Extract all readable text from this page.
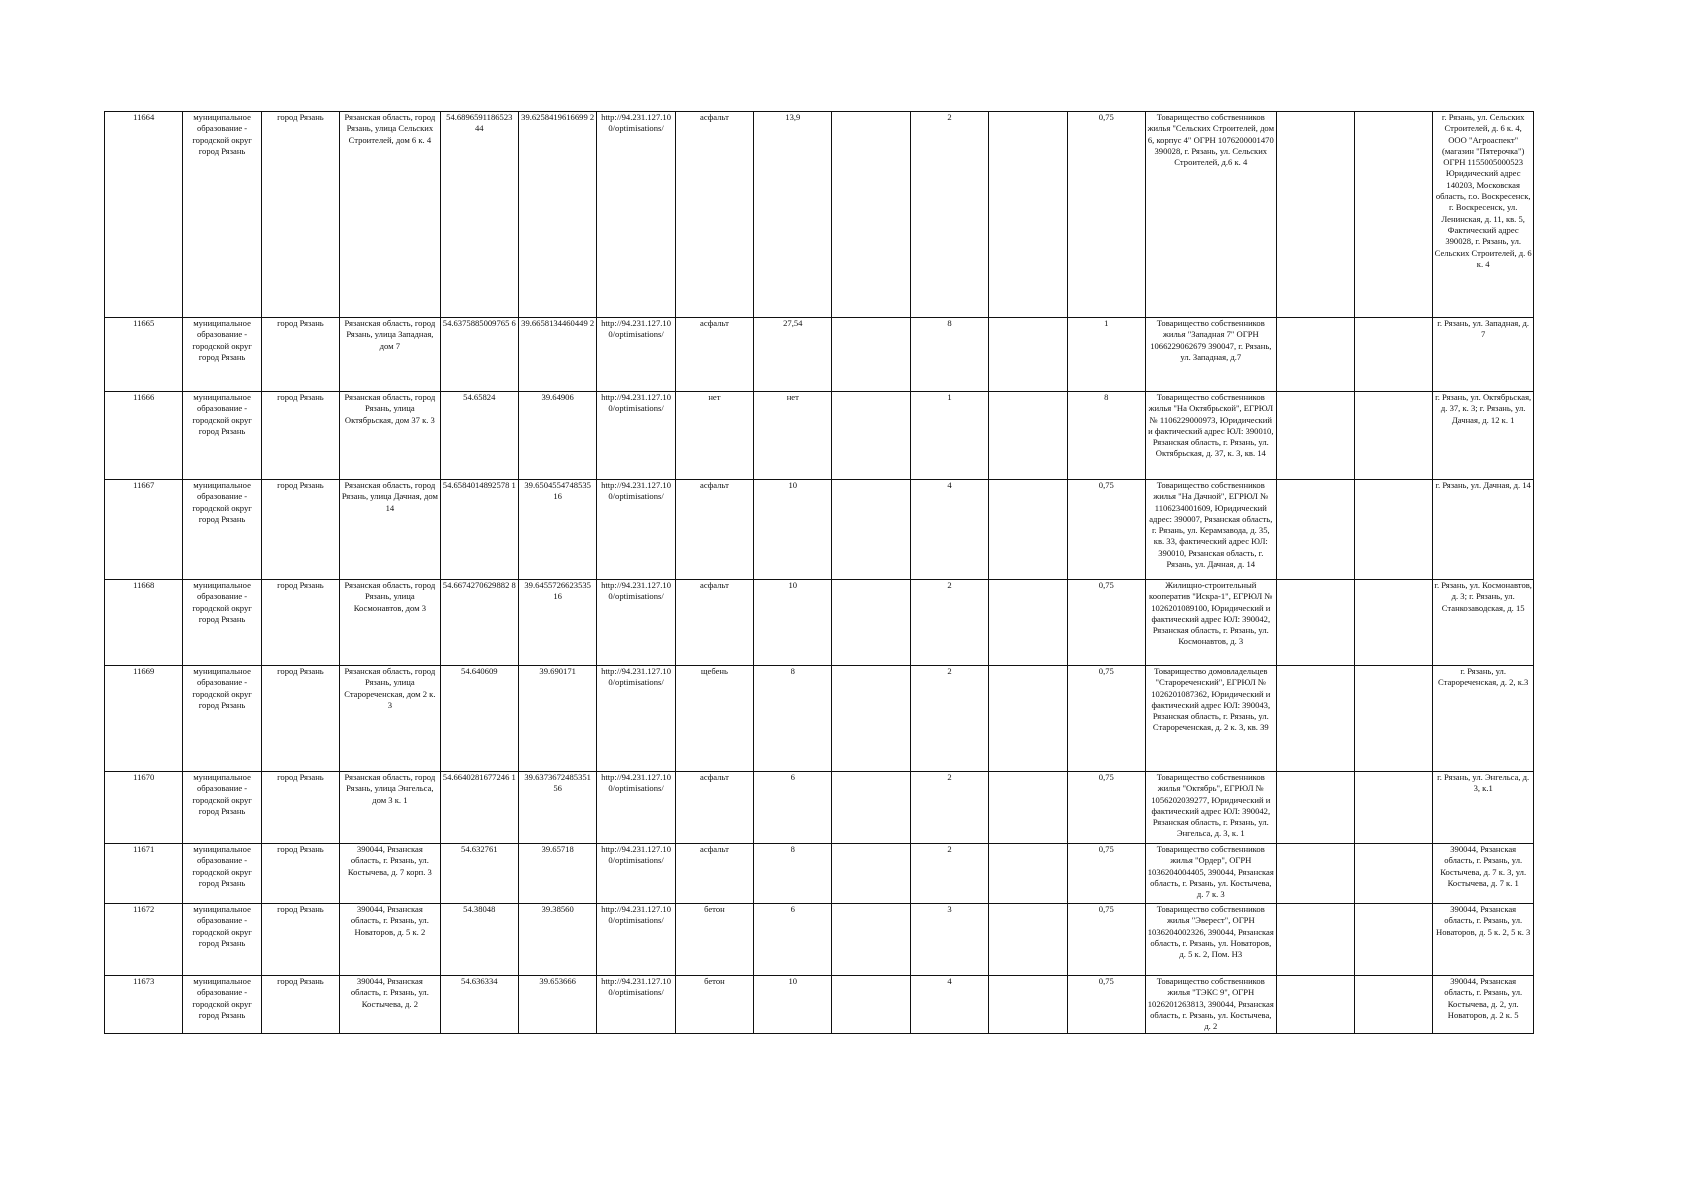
11664	муниципальное образование - городской округ город Рязань	город Рязань	Рязанская область, город Рязань, улица Сельских Строителей, дом 6 к. 4	54.6896591186523 44	39.6258419616699 2	http://94.231.127.10 0/optimisations/	асфальт	13,9		2		0,75	Товарищество собственников жилья "Сельских Строителей, дом 6, корпус 4" ОГРН 1076200001470 390028, г. Рязань, ул. Сельских Строителей, д.6 к. 4			г. Рязань, ул. Сельских Строителей, д. 6 к. 4, ООО "Агроаспект" (магазин "Пятерочка") ОГРН 1155005000523 Юридический адрес 140203, Московская область, г.о. Воскресенск, г. Воскресенск, ул. Ленинская, д. 11, кв. 5, Фактический адрес 390028, г. Рязань, ул. Сельских Строителей, д. 6 к. 4
11665	муниципальное образование - городской округ город Рязань	город Рязань	Рязанская область, город Рязань, улица Западная, дом 7	54.6375885009765 6	39.6658134460449 2	http://94.231.127.10 0/optimisations/	асфальт	27,54		8		1	Товарищество собственников жилья "Западная 7" ОГРН 1066229062679 390047, г. Рязань, ул. Западная, д.7			г. Рязань, ул. Западная, д. 7
11666	муниципальное образование - городской округ город Рязань	город Рязань	Рязанская область, город Рязань, улица Октябрьская, дом 37 к. 3	54.65824	39.64906	http://94.231.127.10 0/optimisations/	нет	нет		1		8	Товарищество собственников жилья "На Октябрьской", ЕГРЮЛ № 1106229000973, Юридический и фактический адрес ЮЛ: 390010, Рязанская область, г. Рязань, ул. Октябрьская, д. 37, к. 3, кв. 14			г. Рязань, ул. Октябрьская, д. 37, к. 3; г. Рязань, ул. Дачная, д. 12 к. 1
11667	муниципальное образование - городской округ город Рязань	город Рязань	Рязанская область, город Рязань, улица Дачная, дом 14	54.6584014892578 1	39.6504554748535 16	http://94.231.127.10 0/optimisations/	асфальт	10		4		0,75	Товарищество собственников жилья "На Дачной", ЕГРЮЛ № 1106234001609, Юридический адрес: 390007, Рязанская область, г. Рязань, ул. Керамзавода, д. 35, кв. 33, фактический адрес ЮЛ: 390010, Рязанская область, г. Рязань, ул. Дачная, д. 14			г. Рязань, ул. Дачная, д. 14
11668	муниципальное образование - городской округ город Рязань	город Рязань	Рязанская область, город Рязань, улица Космонавтов, дом 3	54.6674270629882 8	39.6455726623535 16	http://94.231.127.10 0/optimisations/	асфальт	10		2		0,75	Жилищно-строительный кооператив "Искра-1", ЕГРЮЛ № 1026201089100, Юридический и фактический адрес ЮЛ: 390042, Рязанская область, г. Рязань, ул. Космонавтов, д. 3			г. Рязань, ул. Космонавтов, д. 3; г. Рязань, ул. Станкозаводская, д. 15
11669	муниципальное образование - городской округ город Рязань	город Рязань	Рязанская область, город Рязань, улица Старореченская, дом 2 к. 3	54.640609	39.690171	http://94.231.127.10 0/optimisations/	щебень	8		2		0,75	Товарищество домовладельцев "Старореченский", ЕГРЮЛ № 1026201087362, Юридический и фактический адрес ЮЛ: 390043, Рязанская область, г. Рязань, ул. Старореченская, д. 2 к. 3, кв. 39			г. Рязань, ул. Старореченская, д. 2, к.3
11670	муниципальное образование - городской округ город Рязань	город Рязань	Рязанская область, город Рязань, улица Энгельса, дом 3 к. 1	54.6640281677246 1	39.6373672485351 56	http://94.231.127.10 0/optimisations/	асфальт	6		2		0,75	Товарищество собственников жилья "Октябрь", ЕГРЮЛ № 1056202039277, Юридический и фактический адрес ЮЛ: 390042, Рязанская область, г. Рязань, ул. Энгельса, д. 3, к. 1			г. Рязань, ул. Энгельса, д. 3, к.1
11671	муниципальное образование - городской округ город Рязань	город Рязань	390044, Рязанская область, г. Рязань, ул. Костычева, д. 7 корп. 3	54.632761	39.65718	http://94.231.127.10 0/optimisations/	асфальт	8		2		0,75	Товарищество собственников жилья "Ордер", ОГРН 1036204004405, 390044, Рязанская область, г. Рязань, ул. Костычева, д. 7 к. 3			390044, Рязанская область, г. Рязань, ул. Костычева, д. 7 к. 3, ул. Костычева, д. 7 к. 1
11672	муниципальное образование - городской округ город Рязань	город Рязань	390044, Рязанская область, г. Рязань, ул. Новаторов, д. 5 к. 2	54.38048	39.38560	http://94.231.127.10 0/optimisations/	бетон	6		3		0,75	Товарищество собственников жилья "Эверест", ОГРН 1036204002326, 390044, Рязанская область, г. Рязань, ул. Новаторов, д. 5 к. 2, Пом. Н3			390044, Рязанская область, г. Рязань, ул. Новаторов, д. 5 к. 2, 5 к. 3
11673	муниципальное образование - городской округ город Рязань	город Рязань	390044, Рязанская область, г. Рязань, ул. Костычева, д. 2	54.636334	39.653666	http://94.231.127.10 0/optimisations/	бетон	10		4		0,75	Товарищество собственников жилья "ТЭКС 9", ОГРН 1026201263813, 390044, Рязанская область, г. Рязань, ул. Костычева, д. 2			390044, Рязанская область, г. Рязань, ул. Костычева, д. 2, ул. Новаторов, д. 2 к. 5
